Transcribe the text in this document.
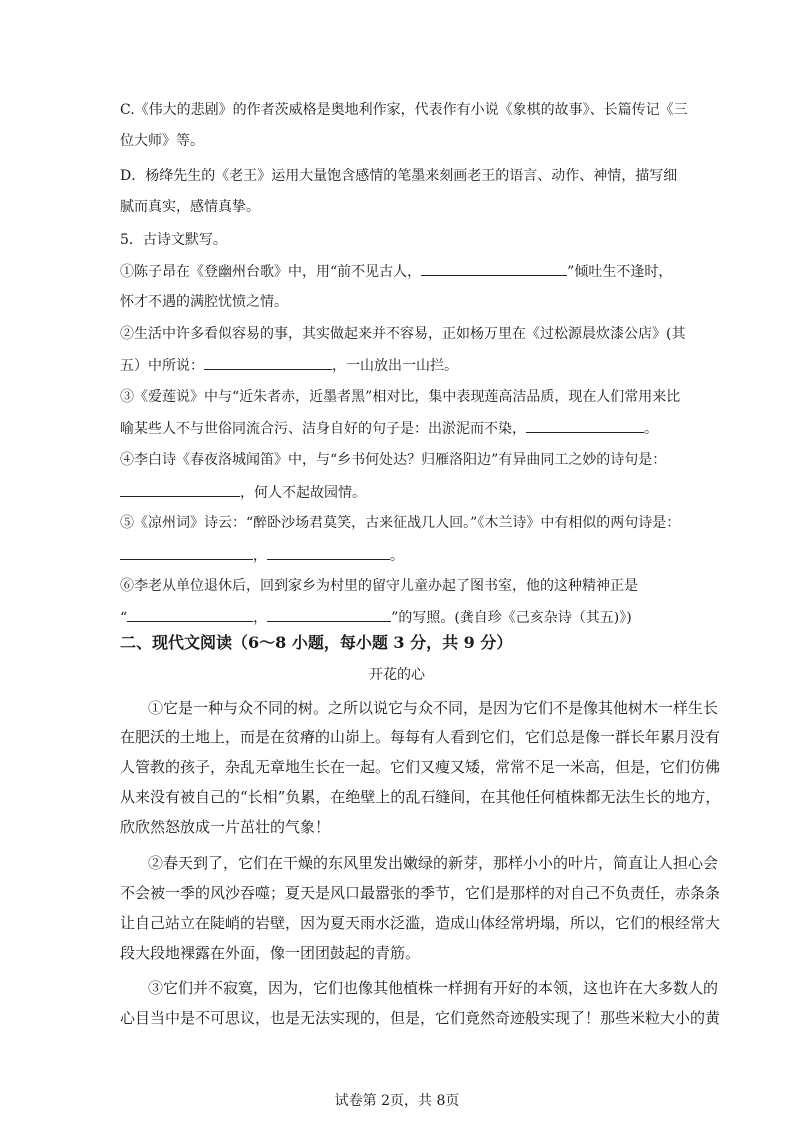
C.《伟大的悲剧》的作者茨威格是奥地利作家，代表作有小说《象棋的故事》、长篇传记《三
位大师》等。
D．杨绛先生的《老王》运用大量饱含感情的笔墨来刻画老王的语言、动作、神情，描写细
腻而真实，感情真挚。
5．古诗文默写。
①陈子昂在《登幽州台歌》中，用“前不见古人，	”倾吐生不逢时，
怀才不遇的满腔忧愤之情。
②生活中许多看似容易的事，其实做起来并不容易，正如杨万里在《过松源晨炊漆公店》(其
五）中所说：	，一山放出一山拦。
③《爱莲说》中与“近朱者赤，近墨者黑”相对比，集中表现莲高洁品质，现在人们常用来比
喻某些人不与世俗同流合污、洁身自好的句子是：出淤泥而不染，	。
④李白诗《春夜洛城闻笛》中，与“乡书何处达？归雁洛阳边”有异曲同工之妙的诗句是：
，何人不起故园情。
⑤《凉州词》诗云：“醉卧沙场君莫笑，古来征战几人回。”《木兰诗》中有相似的两句诗是：
，	。
⑥李老从单位退休后，回到家乡为村里的留守儿童办起了图书室，他的这种精神正是
“	，	”的写照。(龚自珍《己亥杂诗（其五)》)
二、现代文阅读（6～8 小题，每小题 3 分，共 9 分）
开花的心
①它是一种与众不同的树。之所以说它与众不同，是因为它们不是像其他树木一样生长
在肥沃的土地上，而是在贫瘠的山峁上。每每有人看到它们，它们总是像一群长年累月没有
人管教的孩子，杂乱无章地生长在一起。它们又瘦又矮，常常不足一米高，但是，它们仿佛
从来没有被自己的“长相”负累，在绝壁上的乱石缝间，在其他任何植株都无法生长的地方，
欣欣然怒放成一片茁壮的气象！
②春天到了，它们在干燥的东风里发出嫩绿的新芽，那样小小的叶片，简直让人担心会
不会被一季的风沙吞噬；夏天是风口最嚣张的季节，它们是那样的对自己不负责任，赤条条
让自己站立在陡峭的岩壁，因为夏天雨水泛滥，造成山体经常坍塌，所以，它们的根经常大
段大段地裸露在外面，像一团团鼓起的青筋。
③它们并不寂寞，因为，它们也像其他植株一样拥有开好的本领，这也许在大多数人的
心目当中是不可思议，也是无法实现的，但是，它们竟然奇迹般实现了！那些米粒大小的黄
试卷第 2页，共 8页
